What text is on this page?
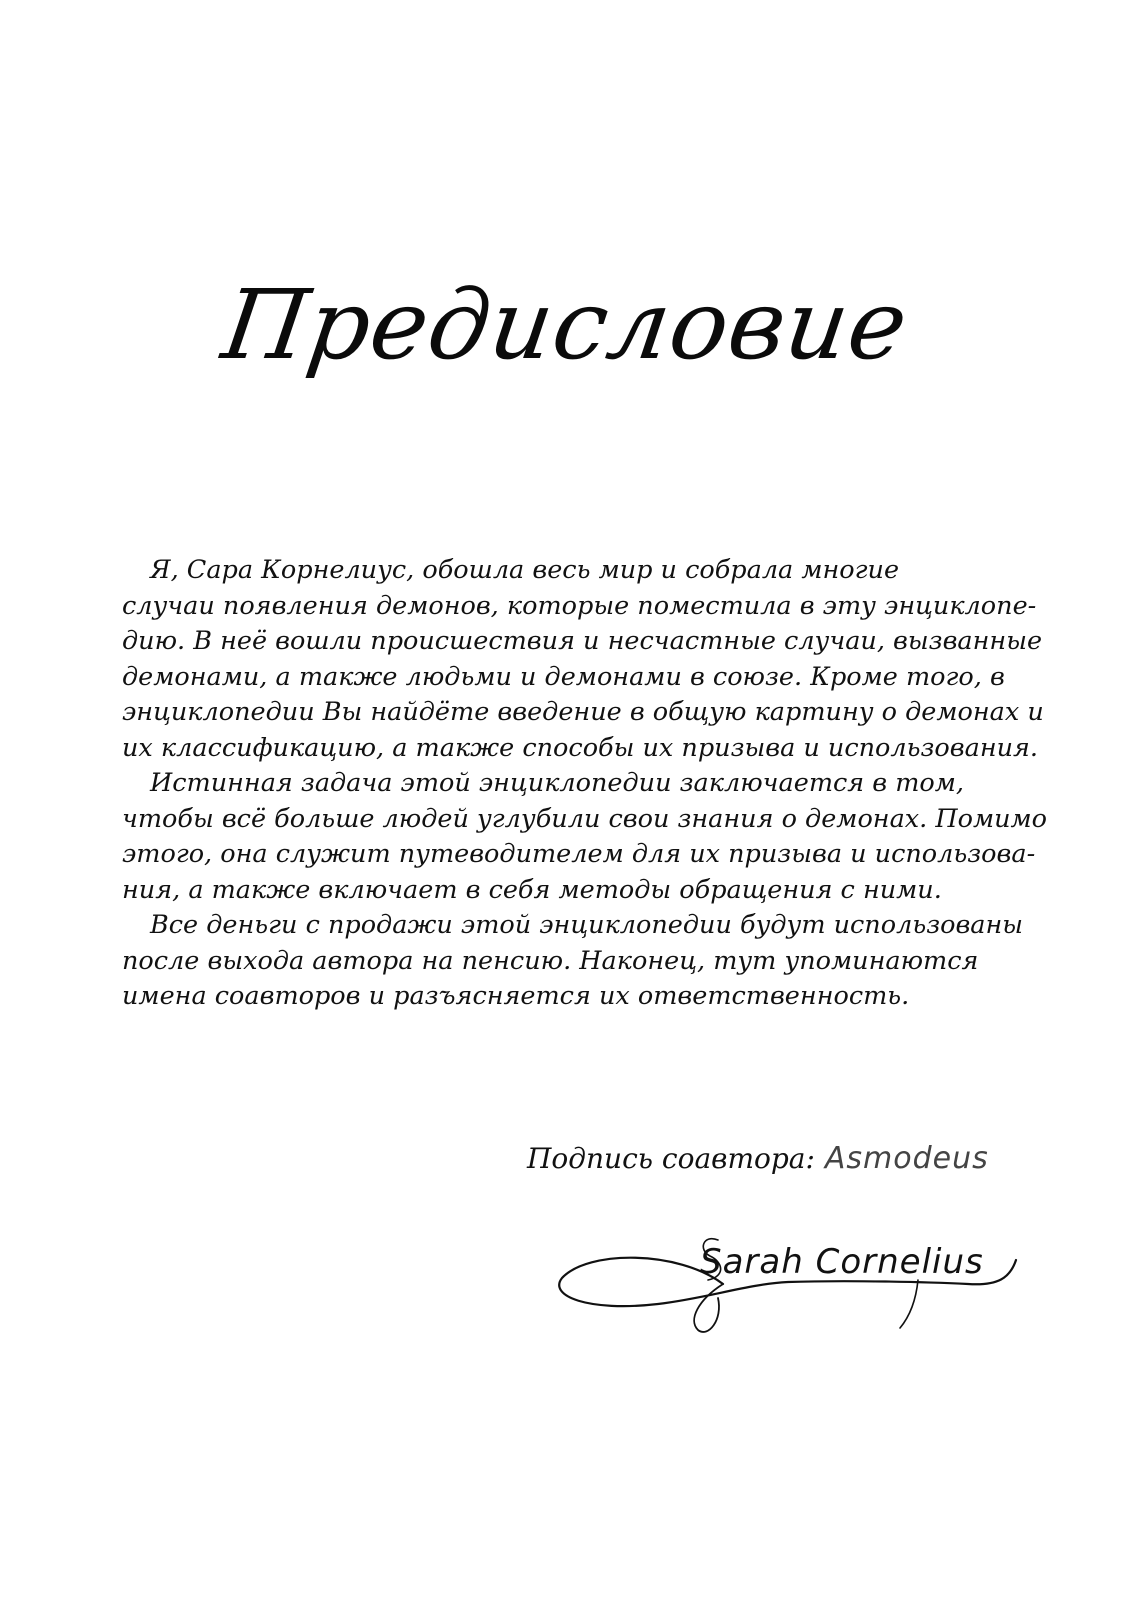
Предисловие
Я, Сара Корнелиус, обошла весь мир и собрала многие
случаи появления демонов, которые поместила в эту энциклопе-
дию. В неё вошли происшествия и несчастные случаи, вызванные
демонами, а также людьми и демонами в союзе. Кроме того, в
энциклопедии Вы найдёте введение в общую картину о демонах и
их классификацию, а также способы их призыва и использования.
Истинная задача этой энциклопедии заключается в том,
чтобы всё больше людей углубили свои знания о демонах. Помимо
этого, она служит путеводителем для их призыва и использова-
ния, а также включает в себя методы обращения с ними.
Все деньги с продажи этой энциклопедии будут использованы
после выхода автора на пенсию. Наконец, тут упоминаются
имена соавторов и разъясняется их ответственность.
Подпись соавтора: Asmodeus
Sarah Cornelius
